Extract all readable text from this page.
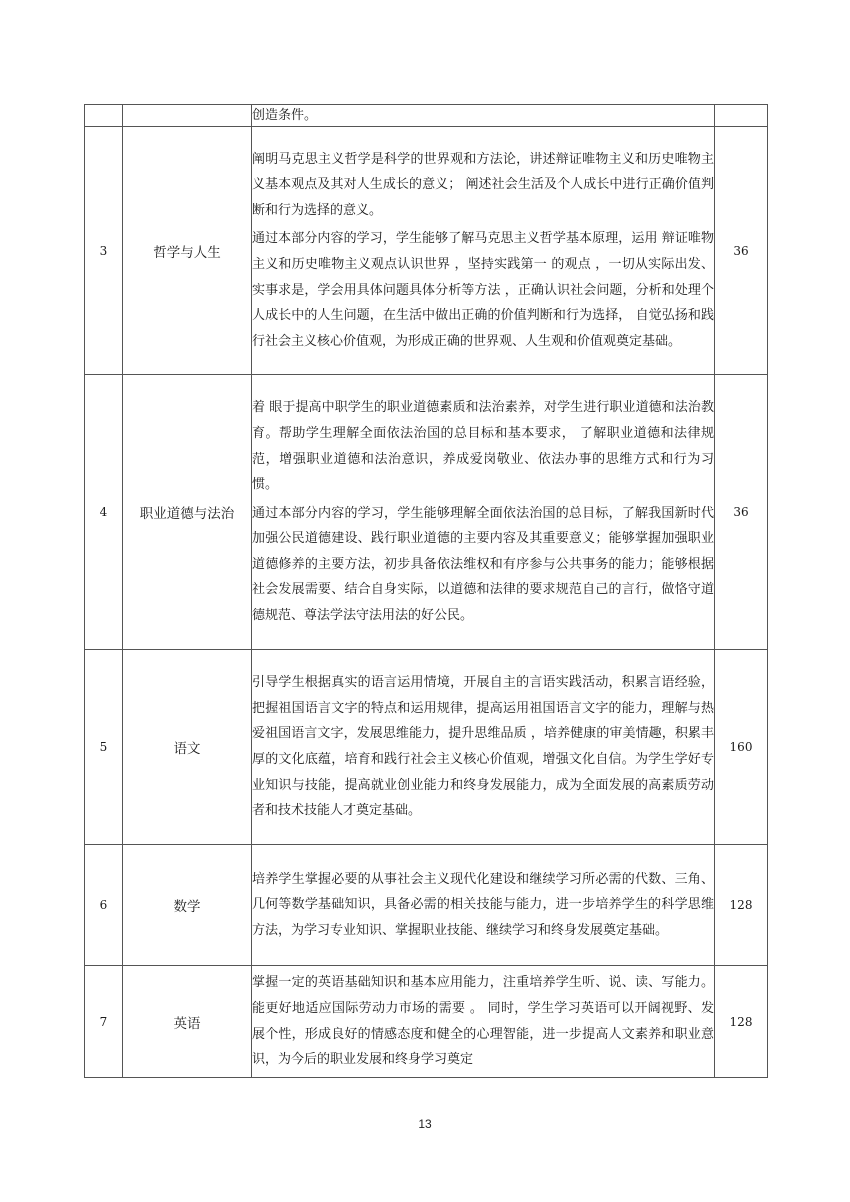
		创造条件。	

3	哲学与人生	阐明马克思主义哲学是科学的世界观和方法论，讲述辩证唯物主义和历史唯物主义基本观点及其对人生成长的意义； 阐述社会生活及个人成长中进行正确价值判断和行为选择的意义。

通过本部分内容的学习，学生能够了解马克思主义哲学基本原理，运用 辩证唯物主义和历史唯物主义观点认识世界 ，坚持实践第一 的观点 ，一切从实际出发、实事求是，学会用具体问题具体分析等方法 ，正确认识社会问题，分析和处理个人成长中的人生问题，在生活中做出正确的价值判断和行为选择， 自觉弘扬和践行社会主义核心价值观，为形成正确的世界观、人生观和价值观奠定基础。	36
4	职业道德与法治	着 眼于提高中职学生的职业道德素质和法治素养，对学生进行职业道德和法治教育。帮助学生理解全面依法治国的总目标和基本要求， 了解职业道德和法律规范，增强职业道德和法治意识，养成爱岗敬业、依法办事的思维方式和行为习惯。

通过本部分内容的学习，学生能够理解全面依法治国的总目标，了解我国新时代加强公民道德建设、践行职业道德的主要内容及其重要意义；能够掌握加强职业道德修养的主要方法，初步具备依法维权和有序参与公共事务的能力；能够根据社会发展需要、结合自身实际，以道德和法律的要求规范自己的言行，做恪守道德规范、尊法学法守法用法的好公民。	36
5	语文	引导学生根据真实的语言运用情境，开展自主的言语实践活动，积累言语经验，把握祖国语言文字的特点和运用规律，提高运用祖国语言文字的能力，理解与热爱祖国语言文字，发展思维能力，提升思维品质 ，培养健康的审美情趣，积累丰厚的文化底蕴，培育和践行社会主义核心价值观，增强文化自信。为学生学好专业知识与技能，提高就业创业能力和终身发展能力，成为全面发展的高素质劳动者和技术技能人才奠定基础。	160
6	数学	培养学生掌握必要的从事社会主义现代化建设和继续学习所必需的代数、三角、几何等数学基础知识，具备必需的相关技能与能力，进一步培养学生的科学思维方法，为学习专业知识、掌握职业技能、继续学习和终身发展奠定基础。	128
7	英语	掌握一定的英语基础知识和基本应用能力，注重培养学生听、说、读、写能力。能更好地适应国际劳动力市场的需要 。 同时，学生学习英语可以开阔视野、发展个性，形成良好的情感态度和健全的心理智能，进一步提高人文素养和职业意识，为今后的职业发展和终身学习奠定	128
13
